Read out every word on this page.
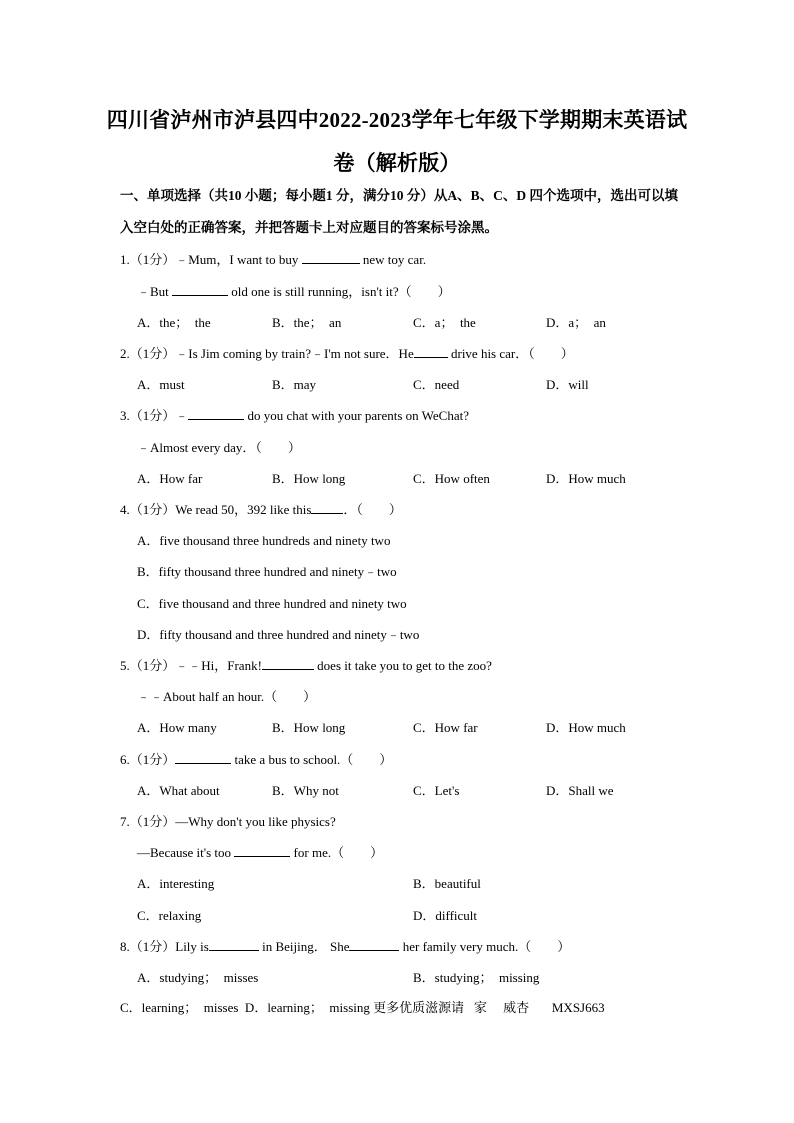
四川省泸州市泸县四中2022-2023学年七年级下学期期末英语试
卷（解析版）
一、单项选择（共10 小题；每小题1 分，满分10 分）从A、B、C、D 四个选项中，选出可以填入空白处的正确答案，并把答题卡上对应题目的答案标号涂黑。
1.（1分）﹣Mum，I want to buy	new toy car.
﹣But	old one is still running，isn't it?（　　）
A．the；  the	B．the；  an	C．a；  the	D．a；  an
2.（1分）﹣Is Jim coming by train?﹣I'm not sure．He	drive his car．（　　）
A．must	B．may	C．need	D．will
3.（1分）﹣	do you chat with your parents on WeChat?
﹣Almost every day．（　　）
A．How far	B．How long	C．How often	D．How much
4.（1分）We read 50，392 like this ．（　　）
A．five thousand three hundreds and ninety two
B．fifty thousand three hundred and ninety﹣two
C．five thousand and three hundred and ninety two
D．fifty thousand and three hundred and ninety﹣two
5.（1分）﹣﹣Hi，Frank!	does it take you to get to the zoo?
﹣﹣About half an hour.（　　）
A．How many	B．How long	C．How far	D．How much
6.（1分）	take a bus to school.（　　）
A．What about	B．Why not	C．Let's	D．Shall we
7.（1分）—Why don't you like physics?
—Because it's too	for me.（　　）
A．interesting	B．beautiful
C．relaxing	D．difficult
8.（1分）Lily is	in Beijing． She	her family very much.（　　）
A．studying；  misses	B．studying；  missing
C．learning；  misses  D．learning；  missing 更多优质滋源请   家     威杏       MXSJ663
